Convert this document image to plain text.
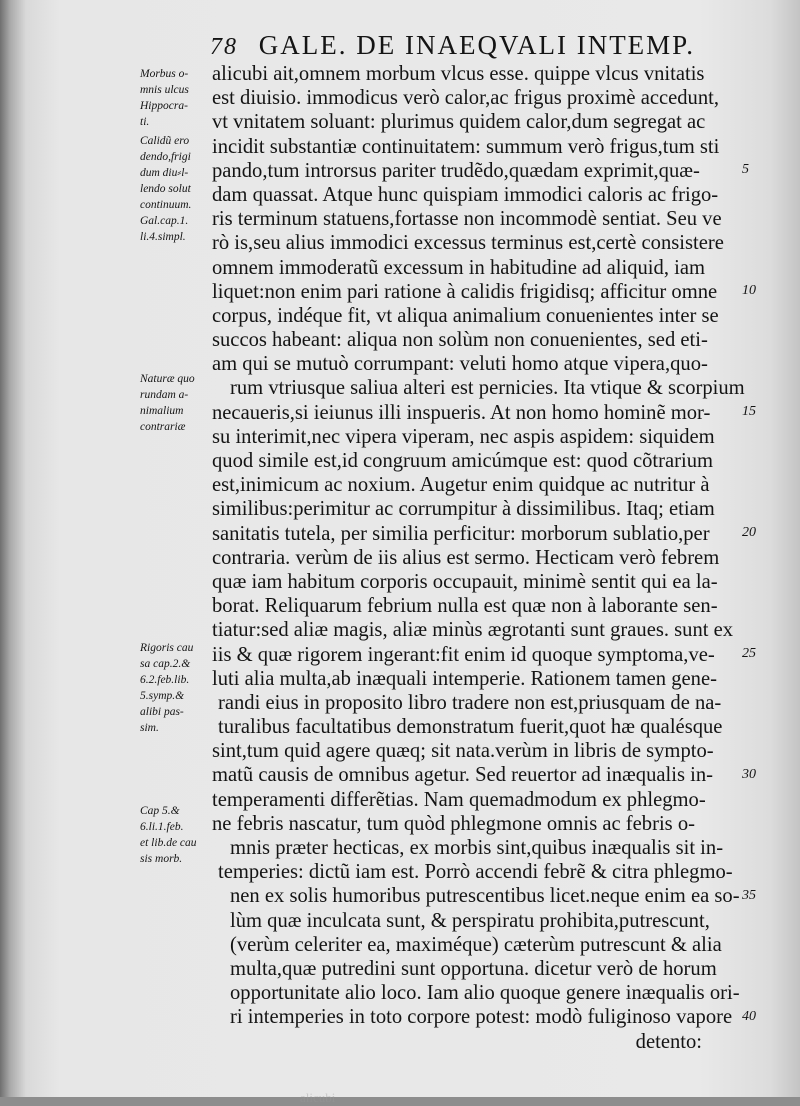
78 GALE. DE INAEQVALI INTEMP.
Morbus o-
mnis ulcus
Hippocra-
ti.
Calidũ ero
dendo,frigi
dum diu⸗l-
lendo solut
continuum.
Gal.cap.1.
li.4.simpl.
Naturæ quo
rundam a-
nimalium
contrariæ
Rigoris cau
sa cap.2.&
6.2.feb.lib.
5.symp.&
alibi pas-
sim.
Cap 5.&
6.li.1.feb.
et lib.de cau
sis morb.
alicubi ait,omnem morbum vlcus esse. quippe vlcus vnitatis
est diuisio. immodicus verò calor,ac frigus proximè accedunt,
vt vnitatem soluant: plurimus quidem calor,dum segregat ac
incidit substantiæ continuitatem: summum verò frigus,tum sti
pando,tum introrsus pariter trudẽdo,quædam exprimit,quæ-
dam quassat. Atque hunc quispiam immodici caloris ac frigo-
ris terminum statuens,fortasse non incommodè sentiat. Seu ve
rò is,seu alius immodici excessus terminus est,certè consistere
omnem immoderatũ excessum in habitudine ad aliquid, iam
liquet:non enim pari ratione à calidis frigidisq; afficitur omne
corpus, indéque fit, vt aliqua animalium conuenientes inter se
succos habeant: aliqua non solùm non conuenientes, sed eti-
am qui se mutuò corrumpant: veluti homo atque vipera,quo-
rum vtriusque saliua alteri est pernicies. Ita vtique & scorpium
necaueris,si ieiunus illi inspueris. At non homo hominẽ mor-
su interimit,nec vipera viperam, nec aspis aspidem: siquidem
quod simile est,id congruum amicúmque est: quod cõtrarium
est,inimicum ac noxium. Augetur enim quidque ac nutritur à
similibus:perimitur ac corrumpitur à dissimilibus. Itaq; etiam
sanitatis tutela, per similia perficitur: morborum sublatio,per
contraria. verùm de iis alius est sermo. Hecticam verò febrem
quæ iam habitum corporis occupauit, minimè sentit qui ea la-
borat. Reliquarum febrium nulla est quæ non à laborante sen-
tiatur:sed aliæ magis, aliæ minùs ægrotanti sunt graues. sunt ex
iis & quæ rigorem ingerant:fit enim id quoque symptoma,ve-
luti alia multa,ab inæquali intemperie. Rationem tamen gene-
randi eius in proposito libro tradere non est,priusquam de na-
turalibus facultatibus demonstratum fuerit,quot hæ qualésque
sint,tum quid agere quæq; sit nata.verùm in libris de sympto-
matũ causis de omnibus agetur. Sed reuertor ad inæqualis in-
temperamenti differẽtias. Nam quemadmodum ex phlegmo-
ne febris nascatur, tum quòd phlegmone omnis ac febris o-
mnis præter hecticas, ex morbis sint,quibus inæqualis sit in-
temperies: dictũ iam est. Porrò accendi febrẽ & citra phlegmo-
nen ex solis humoribus putrescentibus licet.neque enim ea so-
lùm quæ inculcata sunt, & perspiratu prohibita,putrescunt,
(verùm celeriter ea, maximéque) cæterùm putrescunt & alia
multa,quæ putredini sunt opportuna. dicetur verò de horum
opportunitate alio loco. Iam alio quoque genere inæqualis ori-
ri intemperies in toto corpore potest: modò fuliginoso vapore
detento:
5
10
15
20
25
30
35
40
alicubi
